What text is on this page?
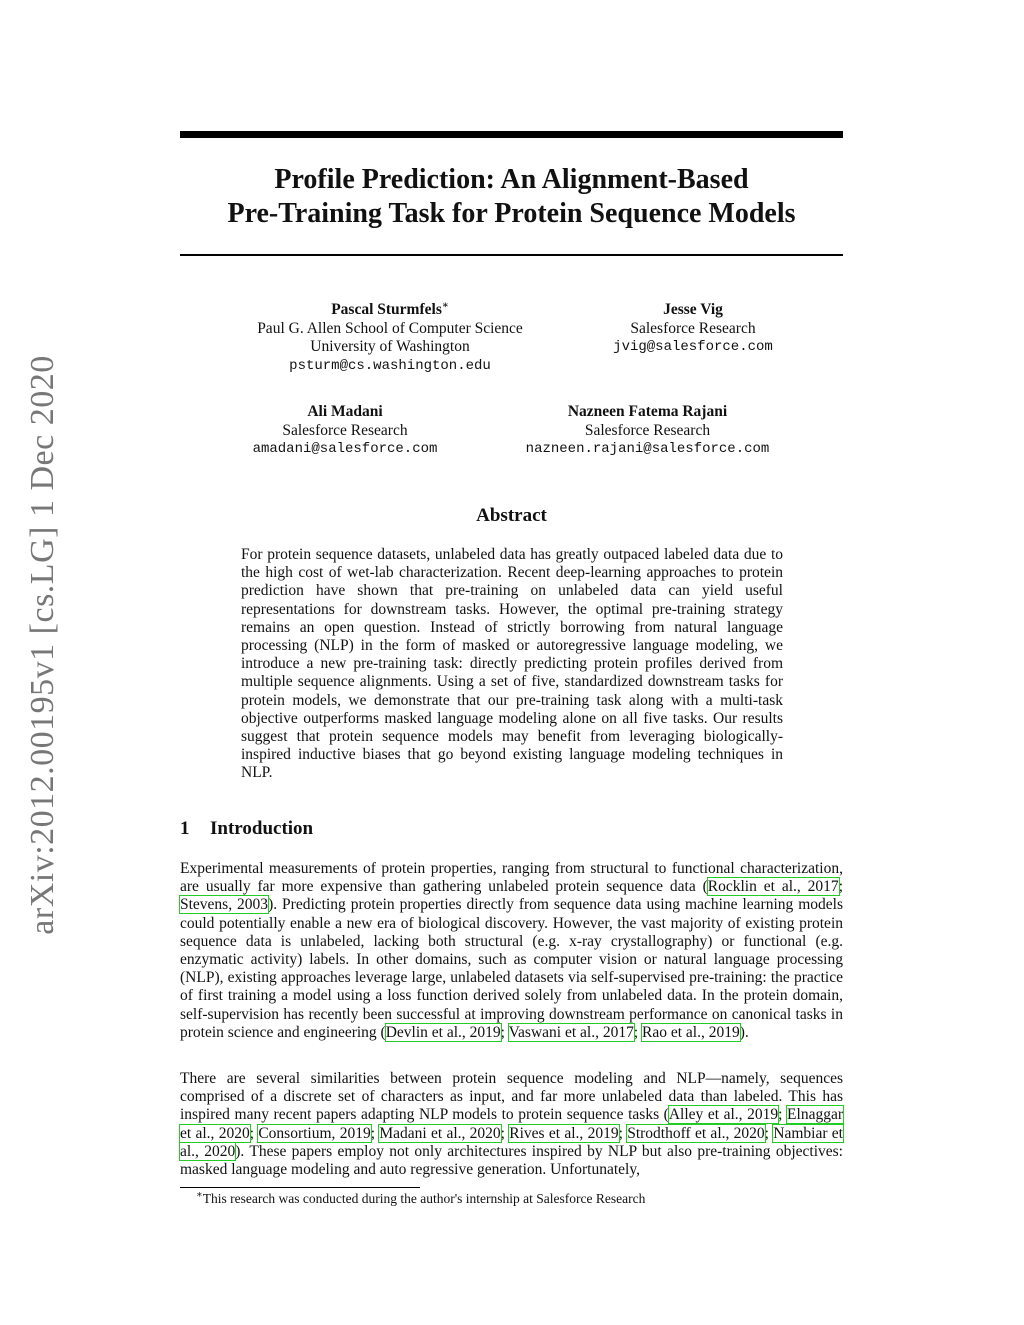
arXiv:2012.00195v1 [cs.LG] 1 Dec 2020
Profile Prediction: An Alignment-Based
Pre-Training Task for Protein Sequence Models
Pascal Sturmfels∗
Paul G. Allen School of Computer Science
University of Washington
psturm@cs.washington.edu
Jesse Vig
Salesforce Research
jvig@salesforce.com
Ali Madani
Salesforce Research
amadani@salesforce.com
Nazneen Fatema Rajani
Salesforce Research
nazneen.rajani@salesforce.com
Abstract
For protein sequence datasets, unlabeled data has greatly outpaced labeled data due to the high cost of wet-lab characterization. Recent deep-learning approaches to protein prediction have shown that pre-training on unlabeled data can yield useful representations for downstream tasks. However, the optimal pre-training strategy remains an open question. Instead of strictly borrowing from natural language processing (NLP) in the form of masked or autoregressive language modeling, we introduce a new pre-training task: directly predicting protein profiles derived from multiple sequence alignments. Using a set of five, standardized downstream tasks for protein models, we demonstrate that our pre-training task along with a multi-task objective outperforms masked language modeling alone on all five tasks. Our results suggest that protein sequence models may benefit from leveraging biologically-inspired inductive biases that go beyond existing language modeling techniques in NLP.
1 Introduction
Experimental measurements of protein properties, ranging from structural to functional characterization, are usually far more expensive than gathering unlabeled protein sequence data (Rocklin et al., 2017; Stevens, 2003). Predicting protein properties directly from sequence data using machine learning models could potentially enable a new era of biological discovery. However, the vast majority of existing protein sequence data is unlabeled, lacking both structural (e.g. x-ray crystallography) or functional (e.g. enzymatic activity) labels. In other domains, such as computer vision or natural language processing (NLP), existing approaches leverage large, unlabeled datasets via self-supervised pre-training: the practice of first training a model using a loss function derived solely from unlabeled data. In the protein domain, self-supervision has recently been successful at improving downstream performance on canonical tasks in protein science and engineering (Devlin et al., 2019; Vaswani et al., 2017; Rao et al., 2019).
There are several similarities between protein sequence modeling and NLP—namely, sequences comprised of a discrete set of characters as input, and far more unlabeled data than labeled. This has inspired many recent papers adapting NLP models to protein sequence tasks (Alley et al., 2019; Elnaggar et al., 2020; Consortium, 2019; Madani et al., 2020; Rives et al., 2019; Strodthoff et al., 2020; Nambiar et al., 2020). These papers employ not only architectures inspired by NLP but also pre-training objectives: masked language modeling and auto regressive generation. Unfortunately,
∗This research was conducted during the author's internship at Salesforce Research
